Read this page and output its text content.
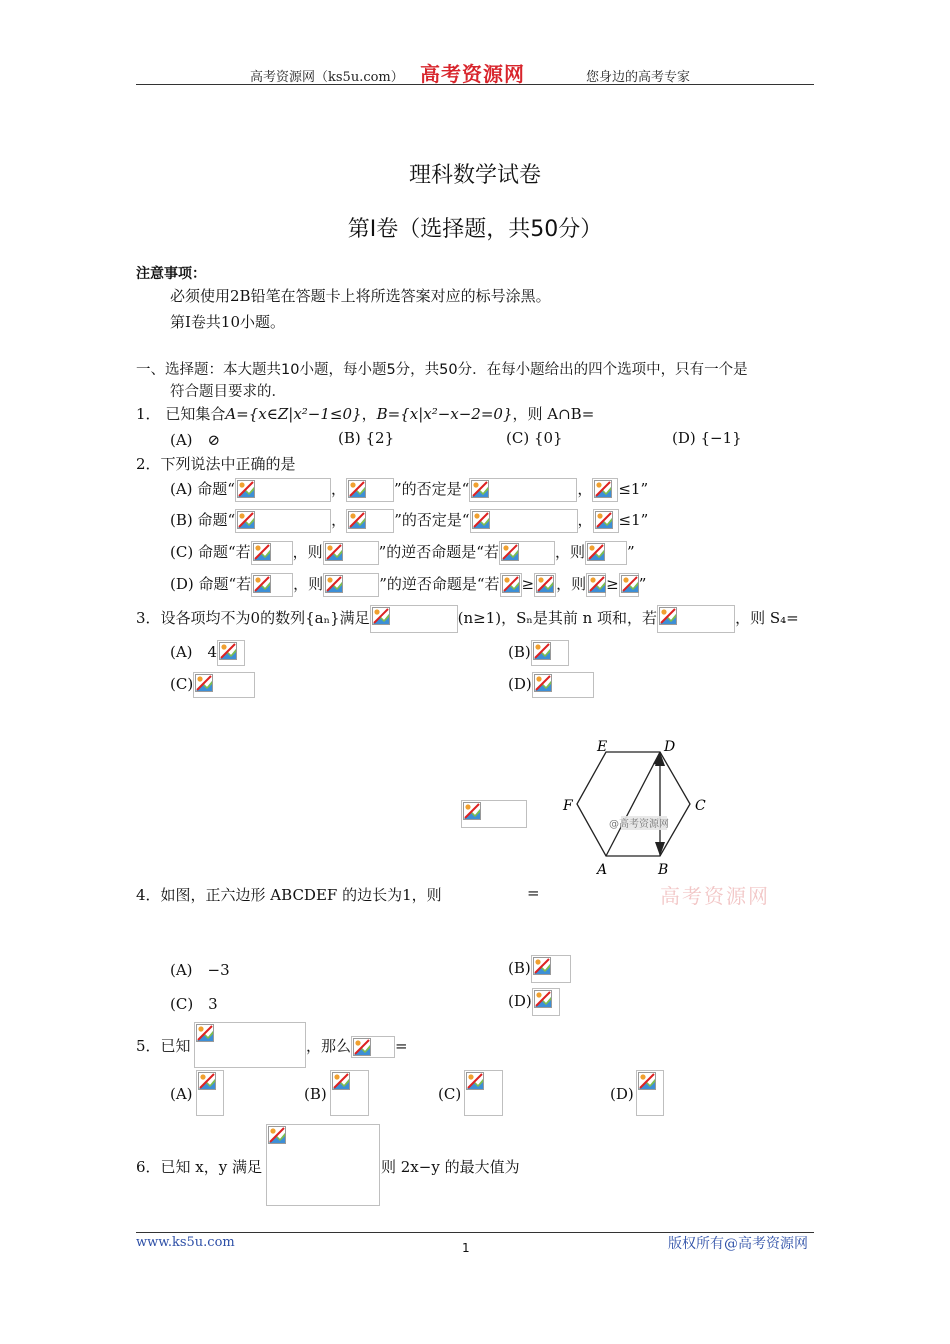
高考资源网（ks5u.com） 高考资源网	您身边的高考专家
理科数学试卷
第Ⅰ卷（选择题，共50分）
注意事项：
必须使用2B铅笔在答题卡上将所选答案对应的标号涂黑。
第Ⅰ卷共10小题。
一、选择题：本大题共10小题，每小题5分，共50分．在每小题给出的四个选项中，只有一个是
符合题目要求的．
1． 已知集合A={x∈Z|x²−1≤0}，B={x|x²−x−2=0}，则 A∩B=
(A)　⊘	(B) {2}	(C) {0}	(D) {−1}
2．下列说法中正确的是
(A) 命题“	，	”的否定是“	， ≤1”
(B) 命题“	，	”的否定是“	， ≤1”
(C) 命题“若	，则	”的逆否命题是“若	，则	”
(D) 命题“若	，则	”的逆否命题是“若 ≥ ，则 ≥ ”
3．设各项均不为0的数列{aₙ}满足	(n≥1)，Sₙ是其前 n 项和，若	，则 S₄=
(A)　4	(B)
(C)	(D)
A	B
C
D
E
F
@高考资源网
高考资源网
4．如图，正六边形 ABCDEF 的边长为1，则	=
(A)　−3	(B)
(C)　3	(D)
5．已知	，那么	=
(A)	(B)	(C)	(D)
6．已知 x，y 满足	则 2x−y 的最大值为
www.ks5u.com	1	版权所有@高考资源网
